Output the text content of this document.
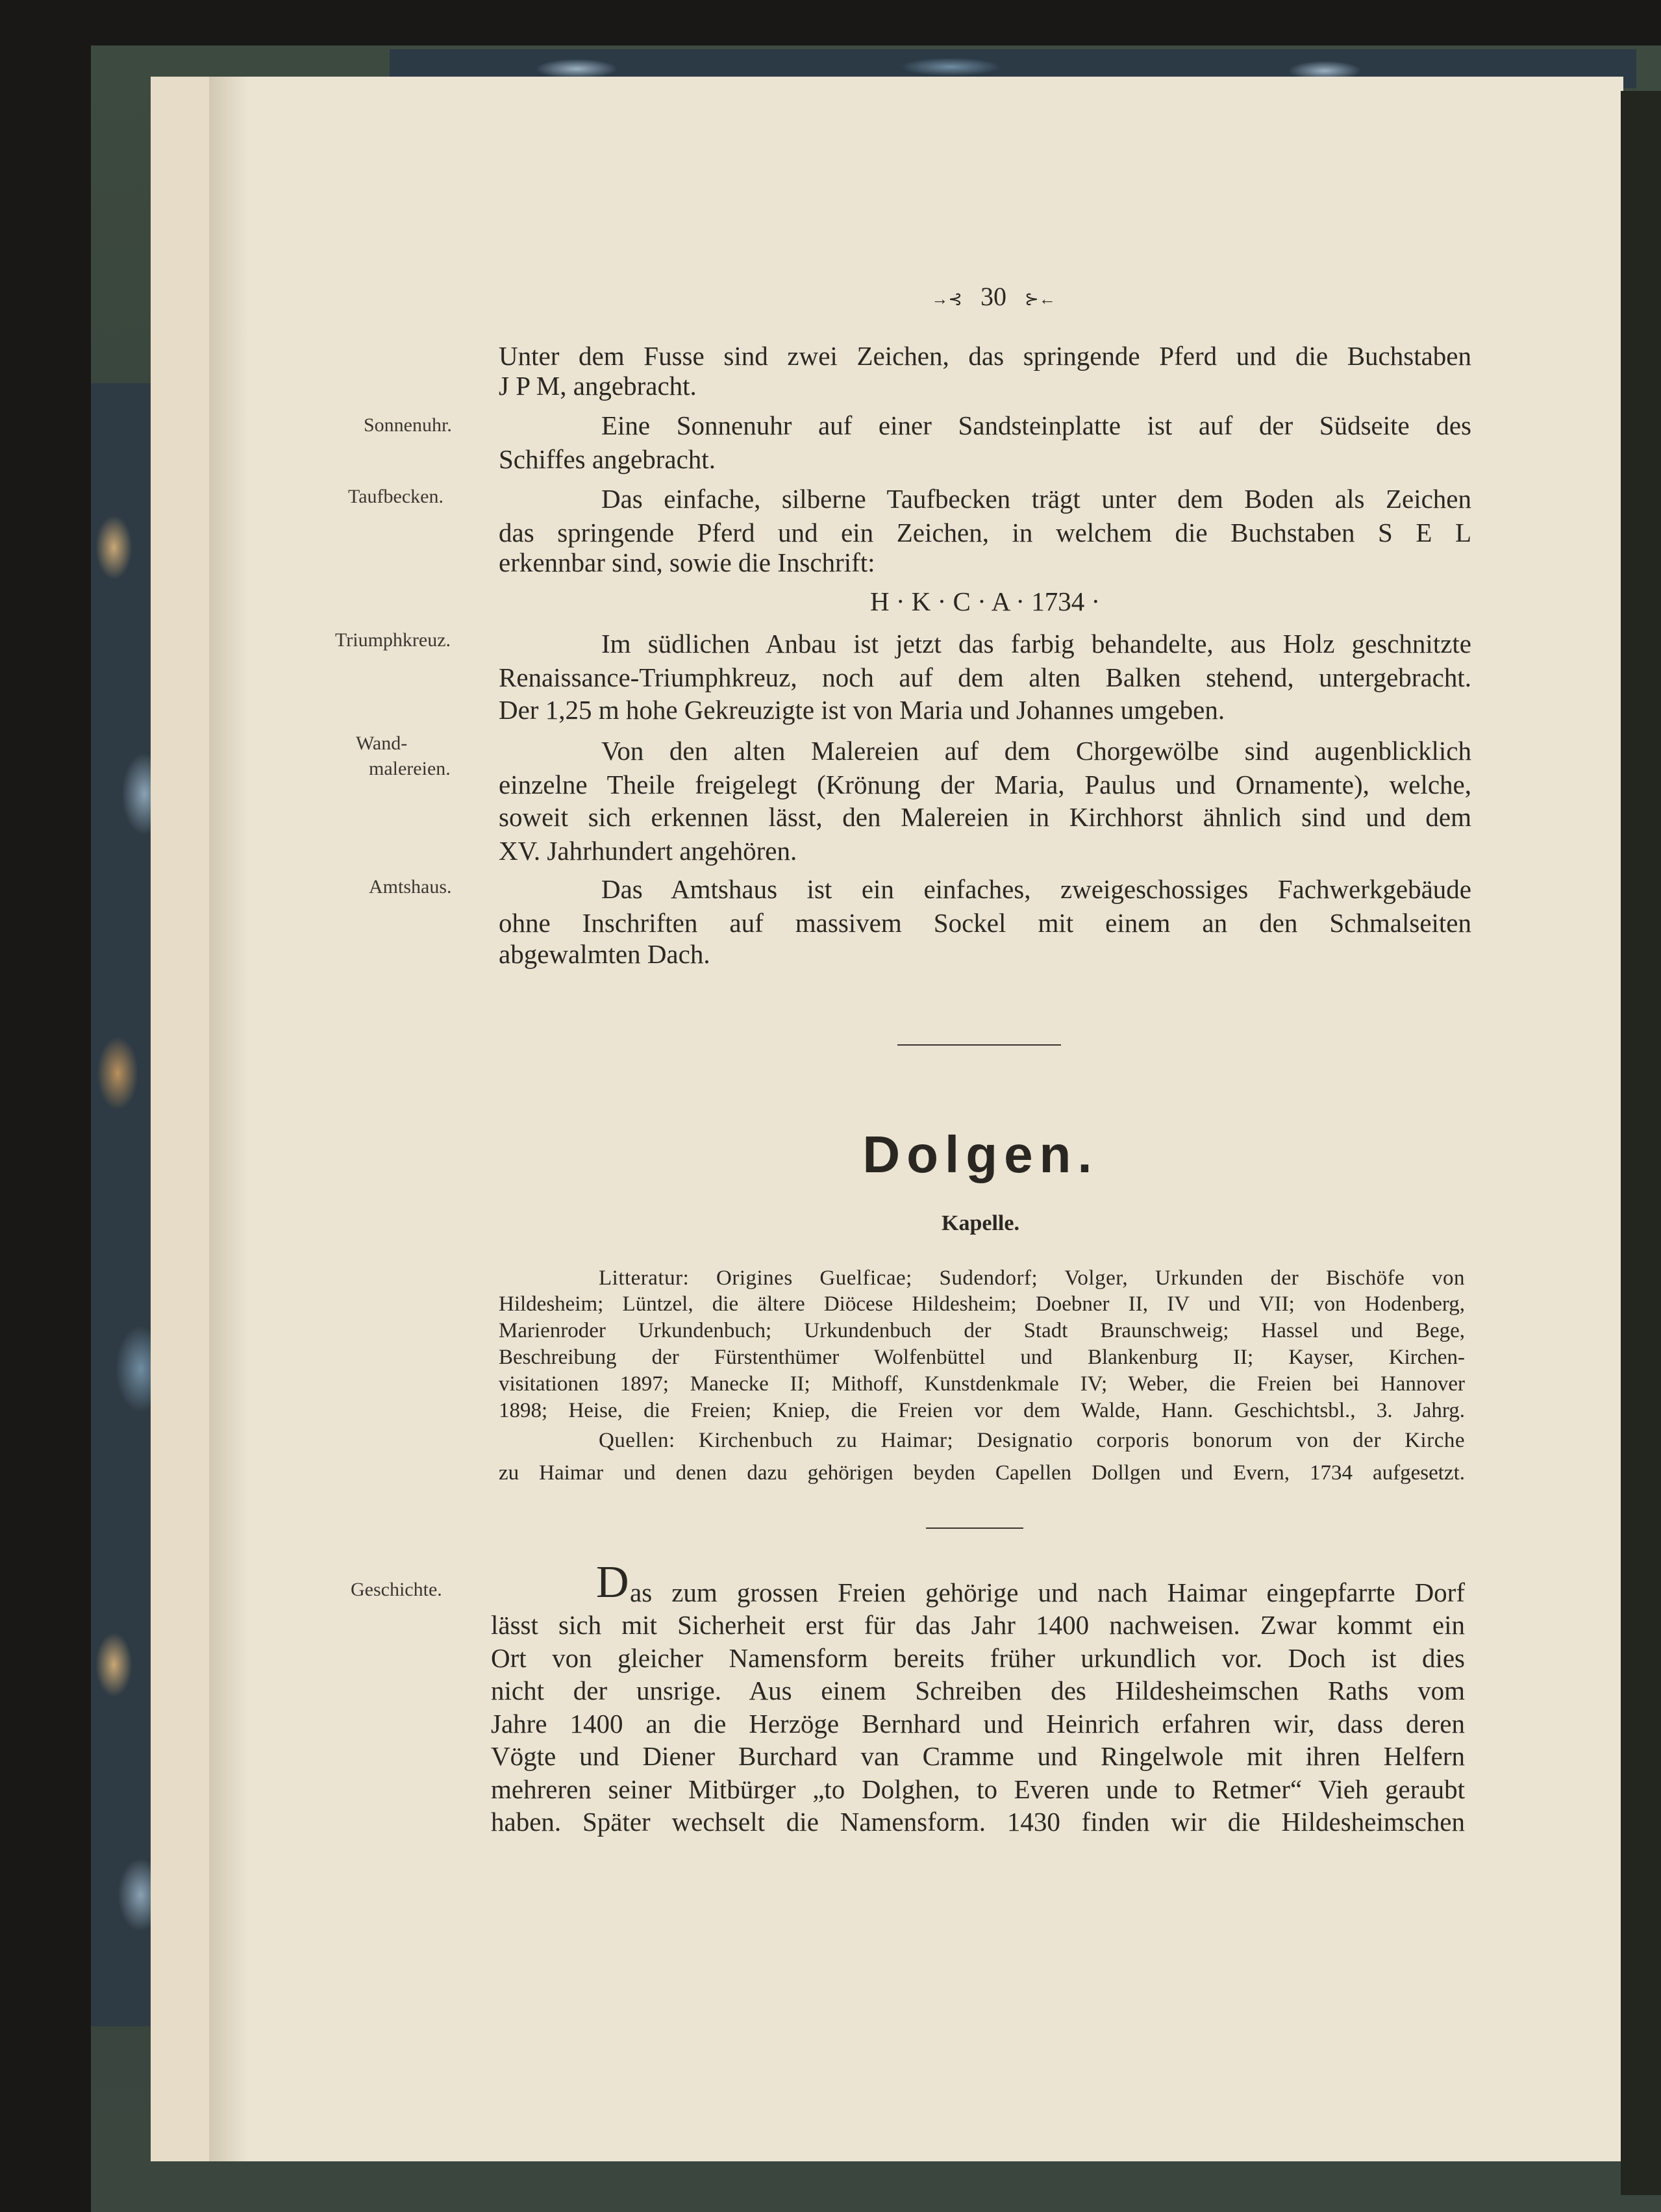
→⊰ 30 ⊱←
Unter dem Fusse sind zwei Zeichen, das springende Pferd und die Buchstaben
J P M, angebracht.
Sonnenuhr.	Eine Sonnenuhr auf einer Sandsteinplatte ist auf der Südseite des
Schiffes angebracht.
Taufbecken.	Das einfache, silberne Taufbecken trägt unter dem Boden als Zeichen
das springende Pferd und ein Zeichen, in welchem die Buchstaben S E L
erkennbar sind, sowie die Inschrift:
H · K · C · A · 1734 ·
Triumphkreuz.	Im südlichen Anbau ist jetzt das farbig behandelte, aus Holz geschnitzte
Renaissance-Triumphkreuz, noch auf dem alten Balken stehend, untergebracht.
Der 1,25 m hohe Gekreuzigte ist von Maria und Johannes umgeben.
Wand-
malereien.
Von den alten Malereien auf dem Chorgewölbe sind augenblicklich
einzelne Theile freigelegt (Krönung der Maria, Paulus und Ornamente), welche,
soweit sich erkennen lässt, den Malereien in Kirchhorst ähnlich sind und dem
XV. Jahrhundert angehören.
Amtshaus.	Das Amtshaus ist ein einfaches, zweigeschossiges Fachwerkgebäude
ohne Inschriften auf massivem Sockel mit einem an den Schmalseiten
abgewalmten Dach.
Dolgen.
Kapelle.
Litteratur: Origines Guelficae; Sudendorf; Volger, Urkunden der Bischöfe von
Hildesheim; Lüntzel, die ältere Diöcese Hildesheim; Doebner II, IV und VII; von Hodenberg,
Marienroder Urkundenbuch; Urkundenbuch der Stadt Braunschweig; Hassel und Bege,
Beschreibung der Fürstenthümer Wolfenbüttel und Blankenburg II; Kayser, Kirchen-
visitationen 1897; Manecke II; Mithoff, Kunstdenkmale IV; Weber, die Freien bei Hannover
1898; Heise, die Freien; Kniep, die Freien vor dem Walde, Hann. Geschichtsbl., 3. Jahrg.
Quellen: Kirchenbuch zu Haimar; Designatio corporis bonorum von der Kirche
zu Haimar und denen dazu gehörigen beyden Capellen Dollgen und Evern, 1734 aufgesetzt.
Geschichte.	D as zum grossen Freien gehörige und nach Haimar eingepfarrte Dorf
lässt sich mit Sicherheit erst für das Jahr 1400 nachweisen. Zwar kommt ein
Ort von gleicher Namensform bereits früher urkundlich vor. Doch ist dies
nicht der unsrige. Aus einem Schreiben des Hildesheimschen Raths vom
Jahre 1400 an die Herzöge Bernhard und Heinrich erfahren wir, dass deren
Vögte und Diener Burchard van Cramme und Ringelwole mit ihren Helfern
mehreren seiner Mitbürger „to Dolghen, to Everen unde to Retmer“ Vieh geraubt
haben. Später wechselt die Namensform. 1430 finden wir die Hildesheimschen
